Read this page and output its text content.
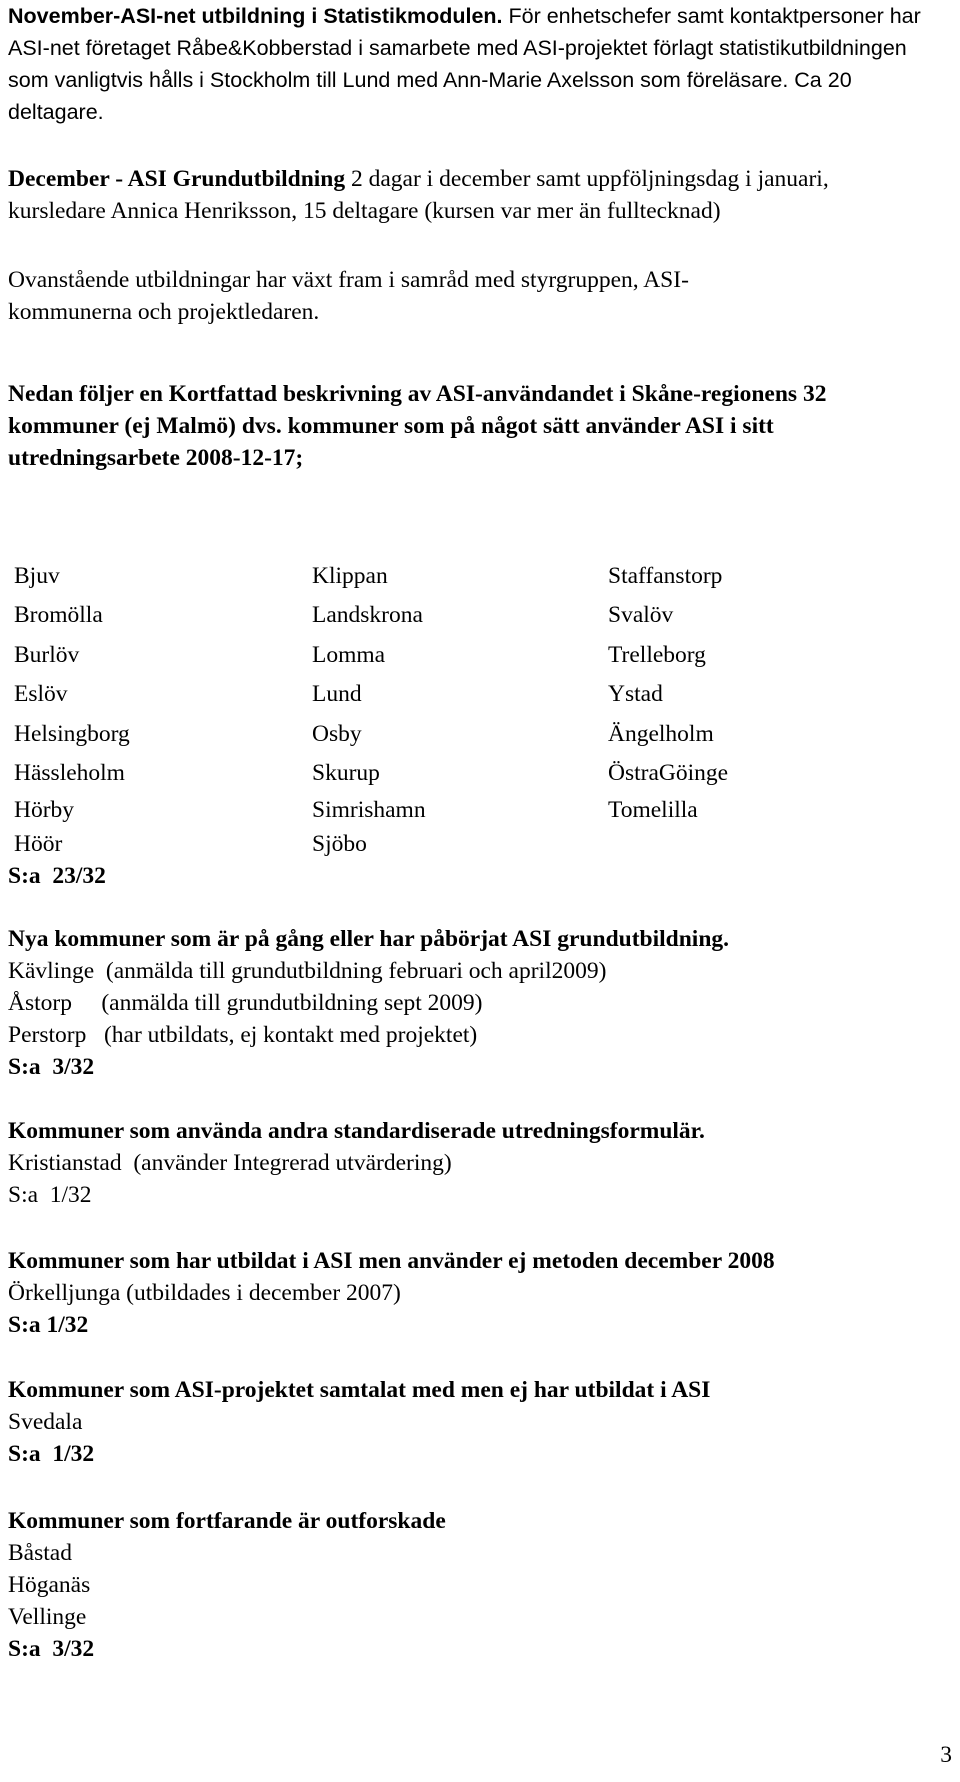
November-ASI-net utbildning i Statistikmodulen. För enhetschefer samt kontaktpersoner har ASI-net företaget Råbe&Kobberstad i samarbete med ASI-projektet förlagt statistikutbildningen som vanligtvis hålls i Stockholm till Lund med Ann-Marie Axelsson som föreläsare. Ca 20 deltagare.

December - ASI Grundutbildning 2 dagar i december samt uppföljningsdag i januari, kursledare Annica Henriksson, 15 deltagare (kursen var mer än fulltecknad)

Ovanstående utbildningar har växt fram i samråd med styrgruppen, ASI-kommunerna och projektledaren.

Nedan följer en Kortfattad beskrivning av ASI-användandet i Skåne-regionens 32 kommuner (ej Malmö) dvs. kommuner som på något sätt använder ASI i sitt utredningsarbete 2008-12-17;

Bjuv	Klippan	Staffanstorp
Bromölla	Landskrona	Svalöv
Burlöv	Lomma	Trelleborg
Eslöv	Lund	Ystad
Helsingborg	Osby	Ängelholm
Hässleholm	Skurup	ÖstraGöinge
Hörby	Simrishamn	Tomelilla
Höör	Sjöbo
S:a  23/32

Nya kommuner som är på gång eller har påbörjat ASI grundutbildning.

Kävlinge  (anmälda till grundutbildning februari och april2009)

Åstorp     (anmälda till grundutbildning sept 2009)

Perstorp   (har utbildats, ej kontakt med projektet)

S:a  3/32

Kommuner som använda andra standardiserade utredningsformulär.

Kristianstad  (använder Integrerad utvärdering)

S:a  1/32

Kommuner som har utbildat i ASI men använder ej metoden december 2008

Örkelljunga (utbildades i december 2007)

S:a 1/32

Kommuner som ASI-projektet samtalat med men ej har utbildat i ASI

Svedala

S:a  1/32

Kommuner som fortfarande är outforskade

Båstad

Höganäs

Vellinge

S:a  3/32

3
